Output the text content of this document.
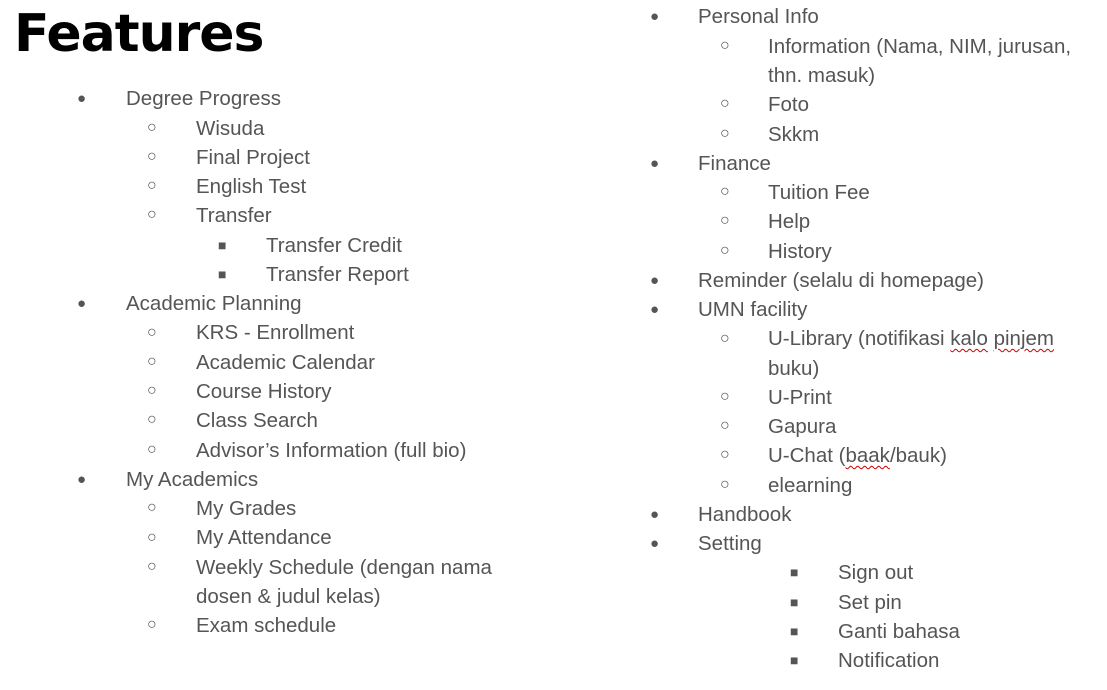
Features
● Degree Progress
○ Wisuda
○ Final Project
○ English Test
○ Transfer
■ Transfer Credit
■ Transfer Report
● Academic Planning
○ KRS - Enrollment
○ Academic Calendar
○ Course History
○ Class Search
○ Advisor’s Information (full bio)
● My Academics
○ My Grades
○ My Attendance
○ Weekly Schedule (dengan nama
dosen & judul kelas)
○ Exam schedule
● Personal Info
○ Information (Nama, NIM, jurusan,
thn. masuk)
○ Foto
○ Skkm
● Finance
○ Tuition Fee
○ Help
○ History
● Reminder (selalu di homepage)
● UMN facility
○ U-Library (notifikasi kalo pinjem
buku)
○ U-Print
○ Gapura
○ U-Chat (baak/bauk)
○ elearning
● Handbook
● Setting
■ Sign out
■ Set pin
■ Ganti bahasa
■ Notification
